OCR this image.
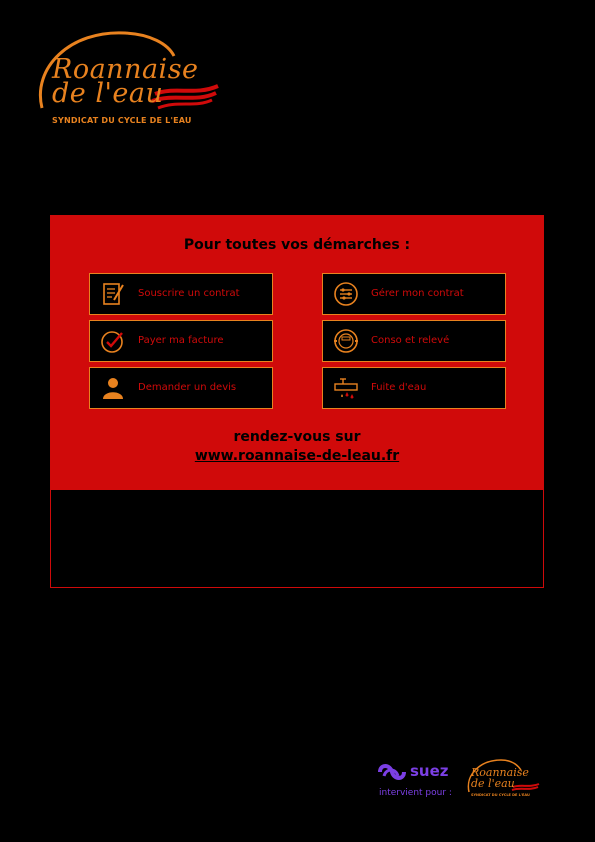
Roannaise
de l'eau
SYNDICAT DU CYCLE DE L'EAU
Pour toutes vos démarches :
Souscrire un contrat	Gérer mon contrat
Payer ma facture	Conso et relevé
Demander un devis	Fuite d'eau
rendez-vous sur
www.roannaise-de-leau.fr
suez
intervient pour :
Roannaise
de l'eau
SYNDICAT DU CYCLE DE L'EAU
